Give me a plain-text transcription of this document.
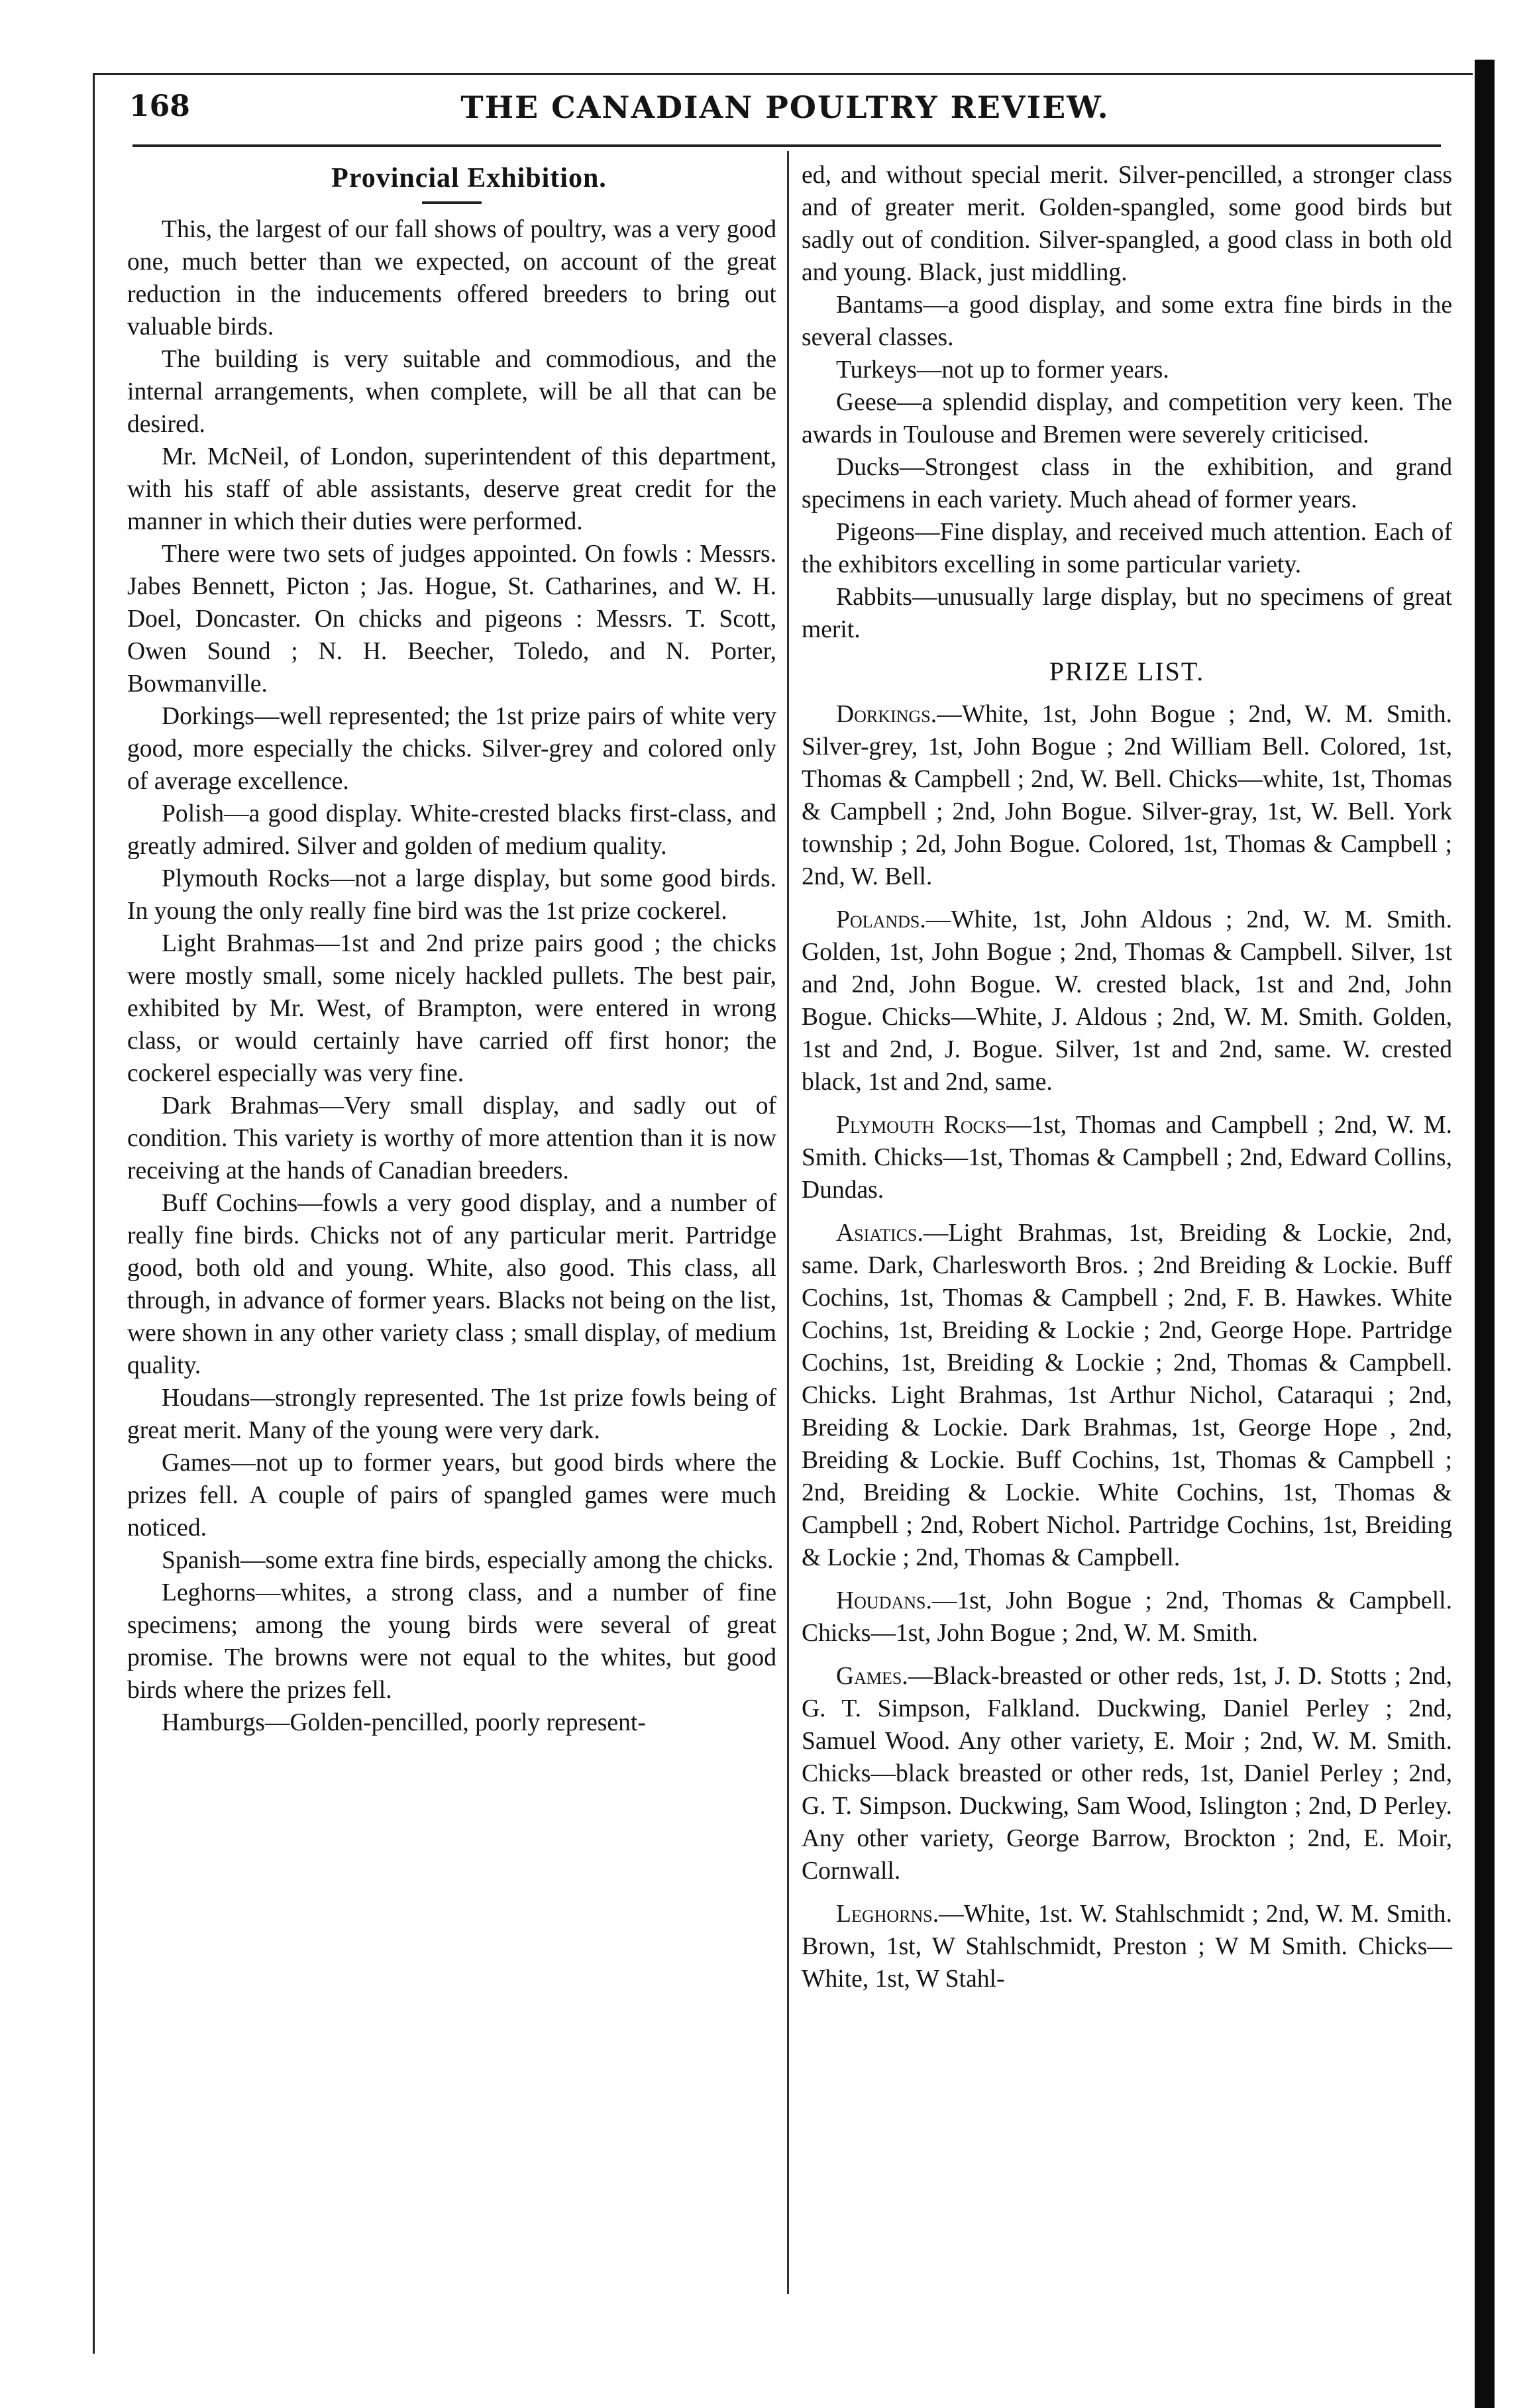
168	THE CANADIAN POULTRY REVIEW.

Provincial Exhibition.

This, the largest of our fall shows of poultry, was a very good one, much better than we expected, on account of the great reduction in the inducements offered breeders to bring out valuable birds.

The building is very suitable and commodious, and the internal arrangements, when complete, will be all that can be desired.

Mr. McNeil, of London, superintendent of this department, with his staff of able assistants, deserve great credit for the manner in which their duties were performed.

There were two sets of judges appointed. On fowls : Messrs. Jabes Bennett, Picton ; Jas. Hogue, St. Catharines, and W. H. Doel, Doncaster. On chicks and pigeons : Messrs. T. Scott, Owen Sound ; N. H. Beecher, Toledo, and N. Porter, Bowmanville.

Dorkings—well represented; the 1st prize pairs of white very good, more especially the chicks. Silver-grey and colored only of average excellence.

Polish—a good display. White-crested blacks first-class, and greatly admired. Silver and golden of medium quality.

Plymouth Rocks—not a large display, but some good birds. In young the only really fine bird was the 1st prize cockerel.

Light Brahmas—1st and 2nd prize pairs good ; the chicks were mostly small, some nicely hackled pullets. The best pair, exhibited by Mr. West, of Brampton, were entered in wrong class, or would certainly have carried off first honor; the cockerel especially was very fine.

Dark Brahmas—Very small display, and sadly out of condition. This variety is worthy of more attention than it is now receiving at the hands of Canadian breeders.

Buff Cochins—fowls a very good display, and a number of really fine birds. Chicks not of any particular merit. Partridge good, both old and young. White, also good. This class, all through, in advance of former years. Blacks not being on the list, were shown in any other variety class ; small display, of medium quality.

Houdans—strongly represented. The 1st prize fowls being of great merit. Many of the young were very dark.

Games—not up to former years, but good birds where the prizes fell. A couple of pairs of spangled games were much noticed.

Spanish—some extra fine birds, especially among the chicks.

Leghorns—whites, a strong class, and a number of fine specimens; among the young birds were several of great promise. The browns were not equal to the whites, but good birds where the prizes fell.

Hamburgs—Golden-pencilled, poorly represent-

ed, and without special merit. Silver-pencilled, a stronger class and of greater merit. Golden-spangled, some good birds but sadly out of condition. Silver-spangled, a good class in both old and young. Black, just middling.

Bantams—a good display, and some extra fine birds in the several classes.

Turkeys—not up to former years.

Geese—a splendid display, and competition very keen. The awards in Toulouse and Bremen were severely criticised.

Ducks—Strongest class in the exhibition, and grand specimens in each variety. Much ahead of former years.

Pigeons—Fine display, and received much attention. Each of the exhibitors excelling in some particular variety.

Rabbits—unusually large display, but no specimens of great merit.

PRIZE LIST.

Dorkings.—White, 1st, John Bogue ; 2nd, W. M. Smith. Silver-grey, 1st, John Bogue ; 2nd William Bell. Colored, 1st, Thomas & Campbell ; 2nd, W. Bell. Chicks—white, 1st, Thomas & Campbell ; 2nd, John Bogue. Silver-gray, 1st, W. Bell. York township ; 2d, John Bogue. Colored, 1st, Thomas & Campbell ; 2nd, W. Bell.

Polands.—White, 1st, John Aldous ; 2nd, W. M. Smith. Golden, 1st, John Bogue ; 2nd, Thomas & Campbell. Silver, 1st and 2nd, John Bogue. W. crested black, 1st and 2nd, John Bogue. Chicks—White, J. Aldous ; 2nd, W. M. Smith. Golden, 1st and 2nd, J. Bogue. Silver, 1st and 2nd, same. W. crested black, 1st and 2nd, same.

Plymouth Rocks—1st, Thomas and Campbell ; 2nd, W. M. Smith. Chicks—1st, Thomas & Campbell ; 2nd, Edward Collins, Dundas.

Asiatics.—Light Brahmas, 1st, Breiding & Lockie, 2nd, same. Dark, Charlesworth Bros. ; 2nd Breiding & Lockie. Buff Cochins, 1st, Thomas & Campbell ; 2nd, F. B. Hawkes. White Cochins, 1st, Breiding & Lockie ; 2nd, George Hope. Partridge Cochins, 1st, Breiding & Lockie ; 2nd, Thomas & Campbell. Chicks. Light Brahmas, 1st Arthur Nichol, Cataraqui ; 2nd, Breiding & Lockie. Dark Brahmas, 1st, George Hope , 2nd, Breiding & Lockie. Buff Cochins, 1st, Thomas & Campbell ; 2nd, Breiding & Lockie. White Cochins, 1st, Thomas & Campbell ; 2nd, Robert Nichol. Partridge Cochins, 1st, Breiding & Lockie ; 2nd, Thomas & Campbell.

Houdans.—1st, John Bogue ; 2nd, Thomas & Campbell. Chicks—1st, John Bogue ; 2nd, W. M. Smith.

Games.—Black-breasted or other reds, 1st, J. D. Stotts ; 2nd, G. T. Simpson, Falkland. Duckwing, Daniel Perley ; 2nd, Samuel Wood. Any other variety, E. Moir ; 2nd, W. M. Smith. Chicks—black breasted or other reds, 1st, Daniel Perley ; 2nd, G. T. Simpson. Duckwing, Sam Wood, Islington ; 2nd, D Perley. Any other variety, George Barrow, Brockton ; 2nd, E. Moir, Cornwall.

Leghorns.—White, 1st. W. Stahlschmidt ; 2nd, W. M. Smith. Brown, 1st, W Stahlschmidt, Preston ; W M Smith. Chicks—White, 1st, W Stahl-
